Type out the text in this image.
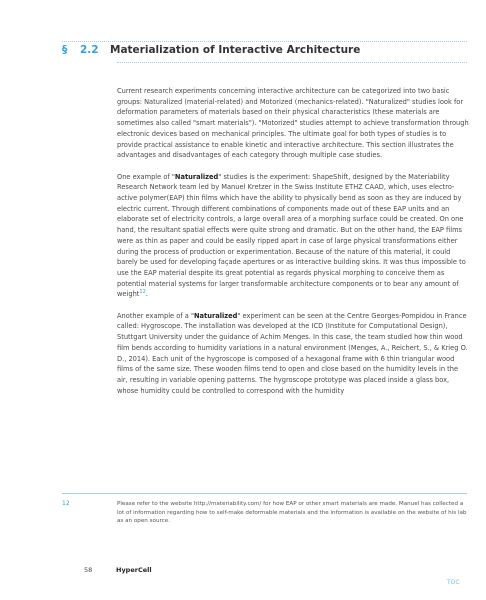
§	2.2	Materialization of Interactive Architecture

Current research experiments concerning interactive architecture can be categorized into two basic groups: Naturalized (material-related) and Motorized (mechanics-related). "Naturalized" studies look for deformation parameters of materials based on their physical characteristics (these materials are sometimes also called "smart materials"). "Motorized" studies attempt to achieve transformation through electronic devices based on mechanical principles. The ultimate goal for both types of studies is to provide practical assistance to enable kinetic and interactive architecture. This section illustrates the advantages and disadvantages of each category through multiple case studies.

One example of "Naturalized" studies is the experiment: ShapeShift, designed by the Materiability Research Network team led by Manuel Kretzer in the Swiss Institute ETHZ CAAD, which, uses electro-active polymer(EAP) thin films which have the ability to physically bend as soon as they are induced by electric current. Through different combinations of components made out of these EAP units and an elaborate set of electricity controls, a large overall area of a morphing surface could be created. On one hand, the resultant spatial effects were quite strong and dramatic. But on the other hand, the EAP films were as thin as paper and could be easily ripped apart in case of large physical transformations either during the process of production or experimentation. Because of the nature of this material, it could barely be used for developing façade apertures or as interactive building skins. It was thus impossible to use the EAP material despite its great potential as regards physical morphing to conceive them as potential material systems for larger transformable architecture components or to bear any amount of weight$^{12}$.

Another example of a "Naturalized" experiment can be seen at the Centre Georges-Pompidou in France called: Hygroscope. The installation was developed at the ICD (Institute for Computational Design), Stuttgart University under the guidance of Achim Menges. In this case, the team studied how thin wood film bends according to humidity variations in a natural environment (Menges, A., Reichert, S., & Krieg O. D., 2014). Each unit of the hygroscope is composed of a hexagonal frame with 6 thin triangular wood films of the same size. These wooden films tend to open and close based on the humidity levels in the air, resulting in variable opening patterns. The hygroscope prototype was placed inside a glass box, whose humidity could be controlled to correspond with the humidity

12	Please refer to the website http://materiability.com/ for how EAP or other smart materials are made. Manuel has collected a lot of information regarding how to self-make deformable materials and the information is available on the website of his lab as an open source.
58	HyperCell
TOC
